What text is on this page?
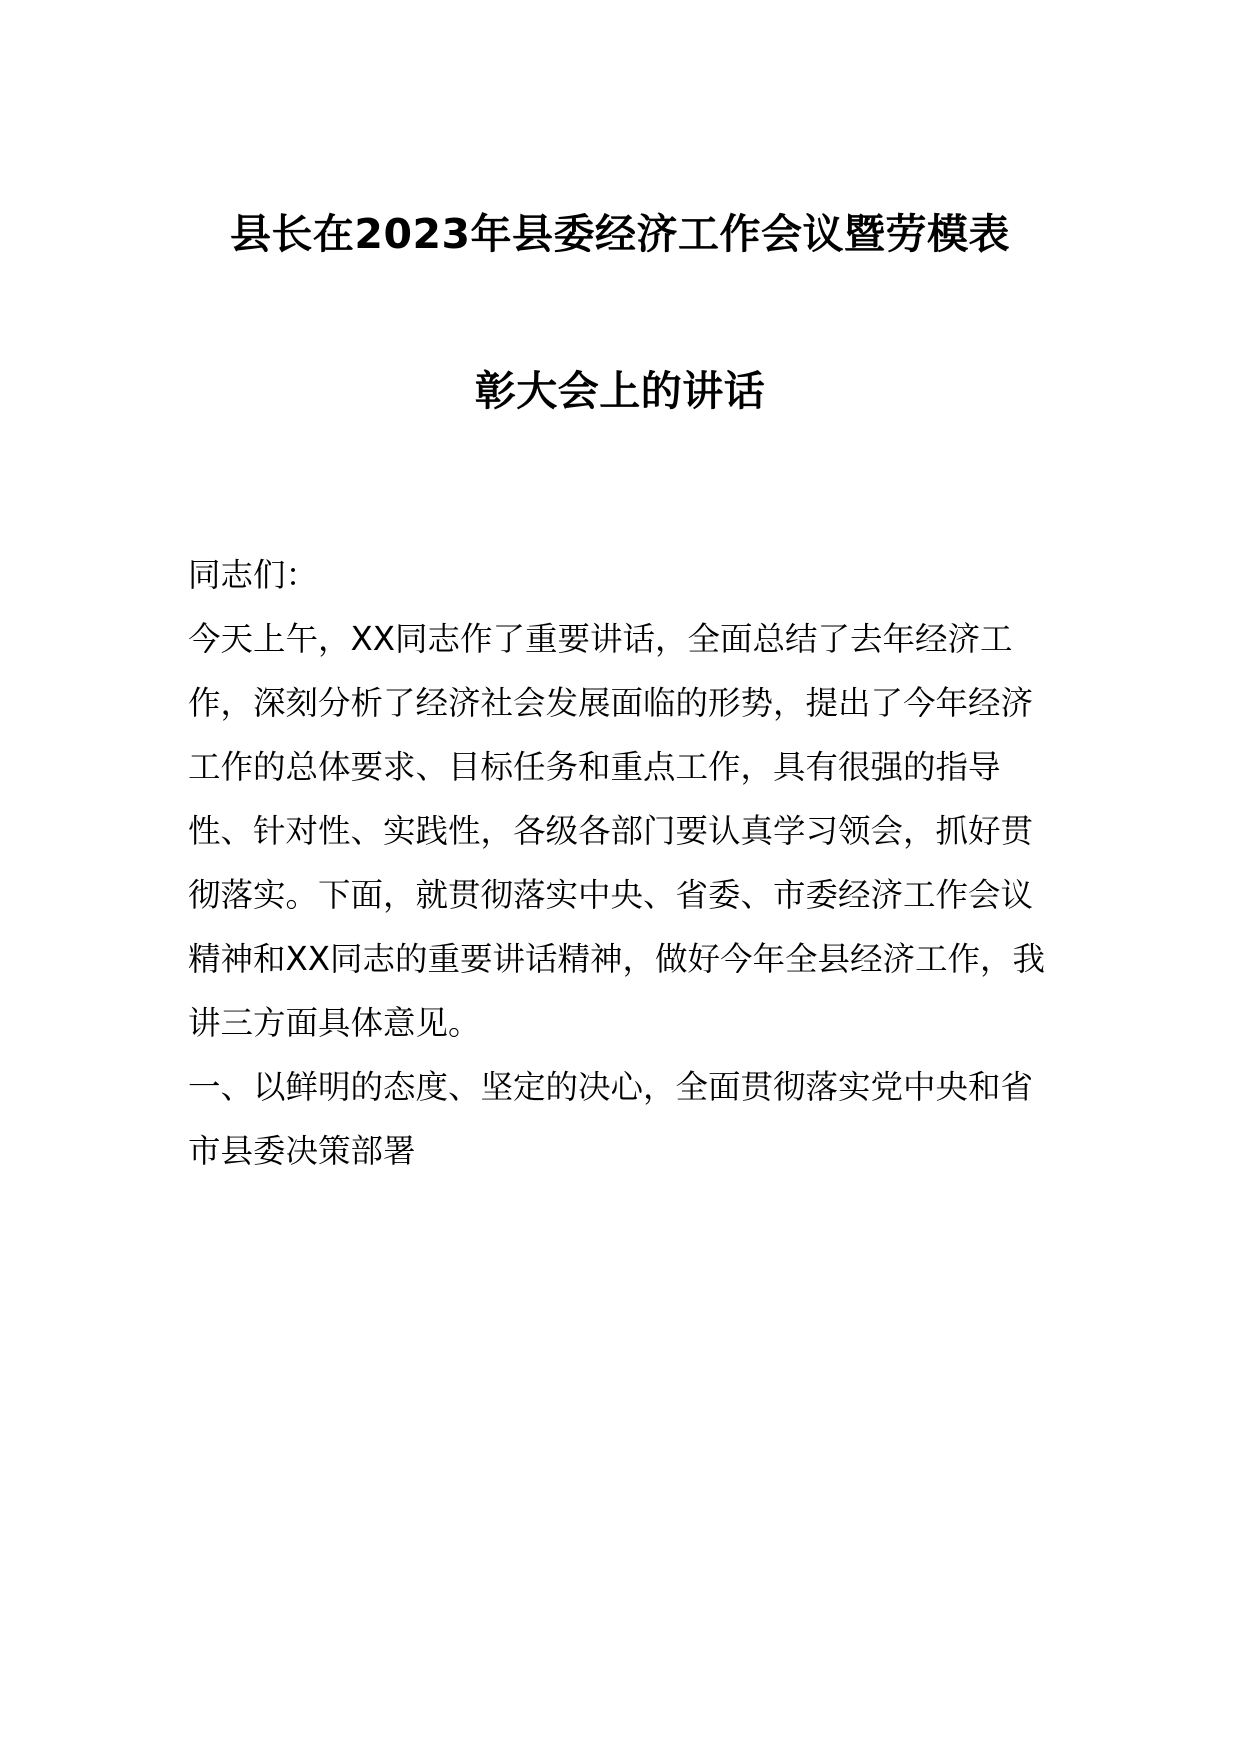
县长在2023年县委经济工作会议暨劳模表
彰大会上的讲话

同志们：

今天上午，XX同志作了重要讲话，全面总结了去年经济工作，深刻分析了经济社会发展面临的形势，提出了今年经济工作的总体要求、目标任务和重点工作，具有很强的指导性、针对性、实践性，各级各部门要认真学习领会，抓好贯彻落实。下面，就贯彻落实中央、省委、市委经济工作会议精神和XX同志的重要讲话精神，做好今年全县经济工作，我讲三方面具体意见。

一、以鲜明的态度、坚定的决心，全面贯彻落实党中央和省市县委决策部署
